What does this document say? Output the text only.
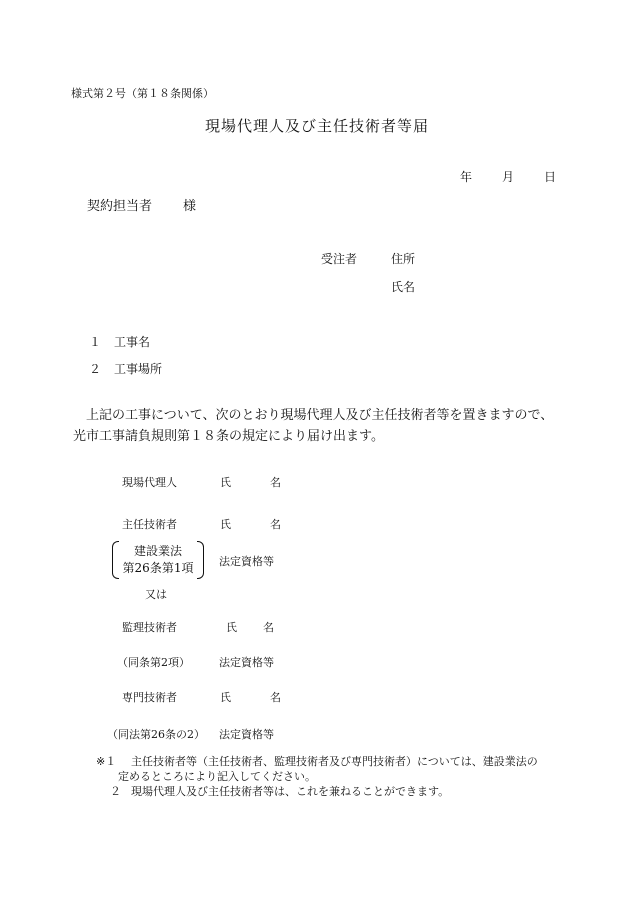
様式第２号（第１８条関係）
現場代理人及び主任技術者等届
年 月 日
契約担当者 様
受注者	住所
氏名
１ 工事名
２ 工事場所
上記の工事について、次のとおり現場代理人及び主任技術者等を置きますので、光市工事請負規則第１８条の規定により届け出ます。
現場代理人	氏	名
主任技術者	氏	名
建設業法
第26条第1項	法定資格等
又は
監理技術者	氏 名
（同条第2項）	法定資格等
専門技術者	氏	名
（同法第26条の2） 法定資格等
※１ 主任技術者等（主任技術者、監理技術者及び専門技術者）については、建設業法の
定めるところにより記入してください。
２ 現場代理人及び主任技術者等は、これを兼ねることができます。
